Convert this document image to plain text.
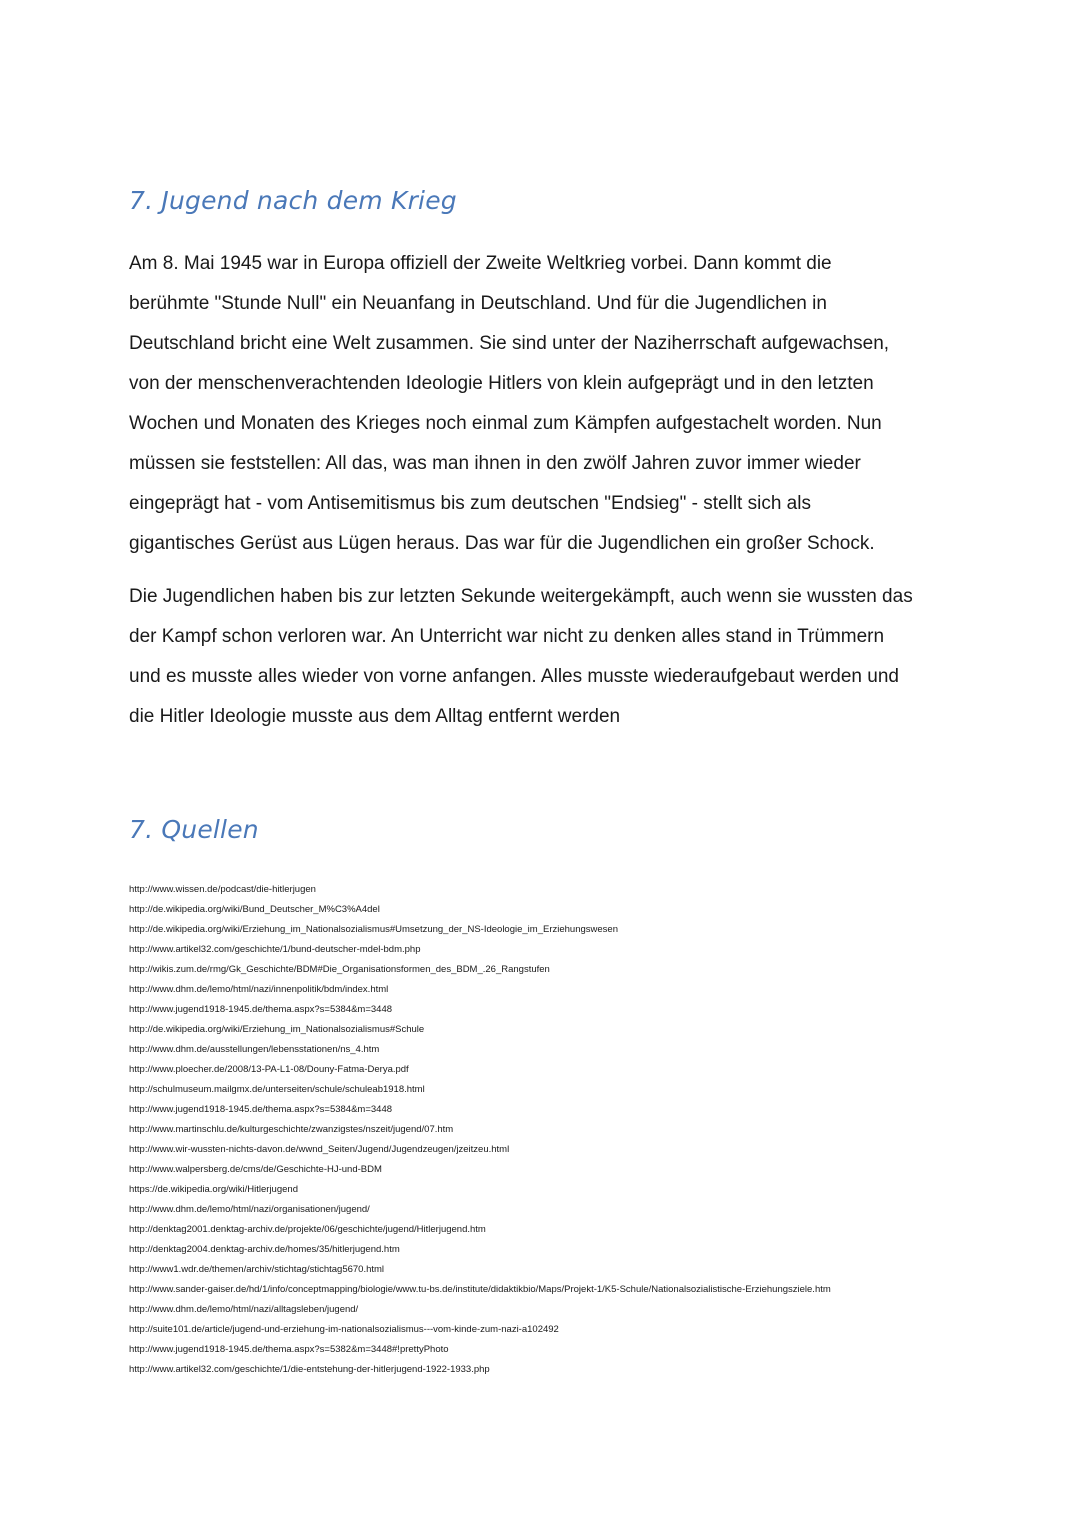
7. Jugend nach dem Krieg

Am 8. Mai 1945 war in Europa offiziell der Zweite Weltkrieg vorbei. Dann kommt die
berühmte "Stunde Null" ein Neuanfang in Deutschland. Und für die Jugendlichen in
Deutschland bricht eine Welt zusammen. Sie sind unter der Naziherrschaft aufgewachsen,
von der menschenverachtenden Ideologie Hitlers von klein aufgeprägt und in den letzten
Wochen und Monaten des Krieges noch einmal zum Kämpfen aufgestachelt worden. Nun
müssen sie feststellen: All das, was man ihnen in den zwölf Jahren zuvor immer wieder
eingeprägt hat - vom Antisemitismus bis zum deutschen "Endsieg" - stellt sich als
gigantisches Gerüst aus Lügen heraus. Das war für die Jugendlichen ein großer Schock.

Die Jugendlichen haben bis zur letzten Sekunde weitergekämpft, auch wenn sie wussten das
der Kampf schon verloren war. An Unterricht war nicht zu denken alles stand in Trümmern
und es musste alles wieder von vorne anfangen. Alles musste wiederaufgebaut werden und
die Hitler Ideologie musste aus dem Alltag entfernt werden

7. Quellen
http://www.wissen.de/podcast/die-hitlerjugen
http://de.wikipedia.org/wiki/Bund_Deutscher_M%C3%A4del
http://de.wikipedia.org/wiki/Erziehung_im_Nationalsozialismus#Umsetzung_der_NS-Ideologie_im_Erziehungswesen
http://www.artikel32.com/geschichte/1/bund-deutscher-mdel-bdm.php
http://wikis.zum.de/rmg/Gk_Geschichte/BDM#Die_Organisationsformen_des_BDM_.26_Rangstufen
http://www.dhm.de/lemo/html/nazi/innenpolitik/bdm/index.html
http://www.jugend1918-1945.de/thema.aspx?s=5384&m=3448
http://de.wikipedia.org/wiki/Erziehung_im_Nationalsozialismus#Schule
http://www.dhm.de/ausstellungen/lebensstationen/ns_4.htm
http://www.ploecher.de/2008/13-PA-L1-08/Douny-Fatma-Derya.pdf
http://schulmuseum.mailgmx.de/unterseiten/schule/schuleab1918.html
http://www.jugend1918-1945.de/thema.aspx?s=5384&m=3448
http://www.martinschlu.de/kulturgeschichte/zwanzigstes/nszeit/jugend/07.htm
http://www.wir-wussten-nichts-davon.de/wwnd_Seiten/Jugend/Jugendzeugen/jzeitzeu.html
http://www.walpersberg.de/cms/de/Geschichte-HJ-und-BDM
https://de.wikipedia.org/wiki/Hitlerjugend
http://www.dhm.de/lemo/html/nazi/organisationen/jugend/
http://denktag2001.denktag-archiv.de/projekte/06/geschichte/jugend/Hitlerjugend.htm
http://denktag2004.denktag-archiv.de/homes/35/hitlerjugend.htm
http://www1.wdr.de/themen/archiv/stichtag/stichtag5670.html
http://www.sander-gaiser.de/hd/1/info/conceptmapping/biologie/www.tu-bs.de/institute/didaktikbio/Maps/Projekt-1/K5-Schule/Nationalsozialistische-Erziehungsziele.htm
http://www.dhm.de/lemo/html/nazi/alltagsleben/jugend/
http://suite101.de/article/jugend-und-erziehung-im-nationalsozialismus---vom-kinde-zum-nazi-a102492
http://www.jugend1918-1945.de/thema.aspx?s=5382&m=3448#!prettyPhoto
http://www.artikel32.com/geschichte/1/die-entstehung-der-hitlerjugend-1922-1933.php
